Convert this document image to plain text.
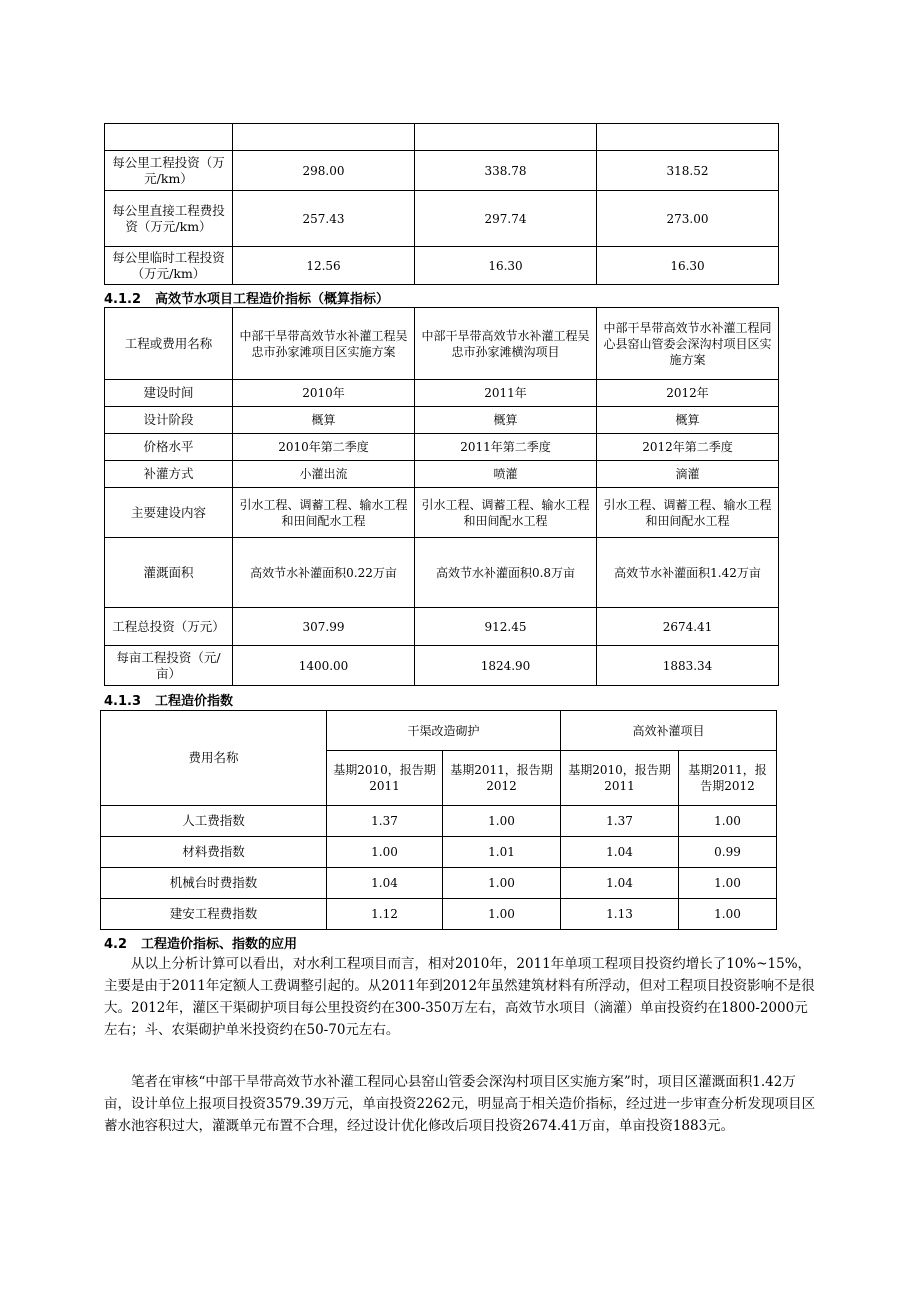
每公里工程投资（万元/km）	298.00	338.78	318.52
每公里直接工程费投资（万元/km）	257.43	297.74	273.00
每公里临时工程投资（万元/km）	12.56	16.30	16.30
4.1.2 高效节水项目工程造价指标（概算指标）
工程或费用名称	中部干旱带高效节水补灌工程吴忠市孙家滩项目区实施方案	中部干旱带高效节水补灌工程吴忠市孙家滩横沟项目	中部干旱带高效节水补灌工程同心县窑山管委会深沟村项目区实施方案
建设时间	2010年	2011年	2012年
设计阶段	概算	概算	概算
价格水平	2010年第二季度	2011年第二季度	2012年第二季度
补灌方式	小灌出流	喷灌	滴灌
主要建设内容	引水工程、调蓄工程、输水工程和田间配水工程	引水工程、调蓄工程、输水工程和田间配水工程	引水工程、调蓄工程、输水工程和田间配水工程
灌溉面积	高效节水补灌面积0.22万亩	高效节水补灌面积0.8万亩	高效节水补灌面积1.42万亩
工程总投资（万元）	307.99	912.45	2674.41
每亩工程投资（元/亩）	1400.00	1824.90	1883.34
4.1.3 工程造价指数
费用名称	干渠改造砌护		高效补灌项目	
	基期2010，报告期2011	基期2011，报告期2012	基期2010，报告期2011	基期2011，报告期2012
人工费指数	1.37	1.00	1.37	1.00
材料费指数	1.00	1.01	1.04	0.99
机械台时费指数	1.04	1.00	1.04	1.00
建安工程费指数	1.12	1.00	1.13	1.00
4.2 工程造价指标、指数的应用

从以上分析计算可以看出，对水利工程项目而言，相对2010年，2011年单项工程项目投资约增长了10%~15%，主要是由于2011年定额人工费调整引起的。从2011年到2012年虽然建筑材料有所浮动，但对工程项目投资影响不是很大。2012年，灌区干渠砌护项目每公里投资约在300-350万左右，高效节水项目（滴灌）单亩投资约在1800-2000元左右；斗、农渠砌护单米投资约在50-70元左右。

笔者在审核“中部干旱带高效节水补灌工程同心县窑山管委会深沟村项目区实施方案”时，项目区灌溉面积1.42万亩，设计单位上报项目投资3579.39万元，单亩投资2262元，明显高于相关造价指标，经过进一步审查分析发现项目区蓄水池容积过大，灌溉单元布置不合理，经过设计优化修改后项目投资2674.41万亩，单亩投资1883元。
